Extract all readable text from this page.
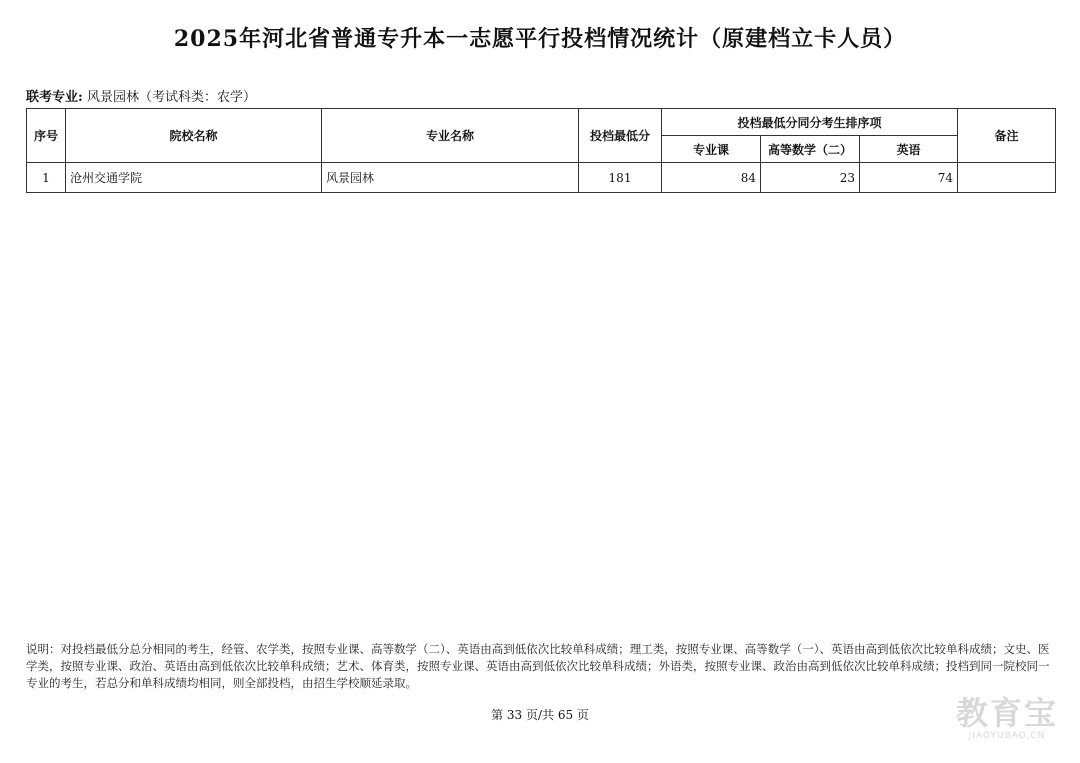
2025年河北省普通专升本一志愿平行投档情况统计（原建档立卡人员）
联考专业: 风景园林（考试科类：农学）
序号	院校名称	专业名称	投档最低分	投档最低分同分考生排序项			备注
				专业课	高等数学（二）	英语	
1	沧州交通学院	风景园林	181	84	23	74	
说明：对投档最低分总分相同的考生，经管、农学类，按照专业课、高等数学（二）、英语由高到低依次比较单科成绩；理工类，按照专业课、高等数学（一）、英语由高到低依次比较单科成绩；文史、医学类，按照专业课、政治、英语由高到低依次比较单科成绩；艺术、体育类，按照专业课、英语由高到低依次比较单科成绩；外语类，按照专业课、政治由高到低依次比较单科成绩；投档到同一院校同一专业的考生，若总分和单科成绩均相同，则全部投档，由招生学校顺延录取。
第 33 页/共 65 页	教育宝
JIAOYUBAO.CN
